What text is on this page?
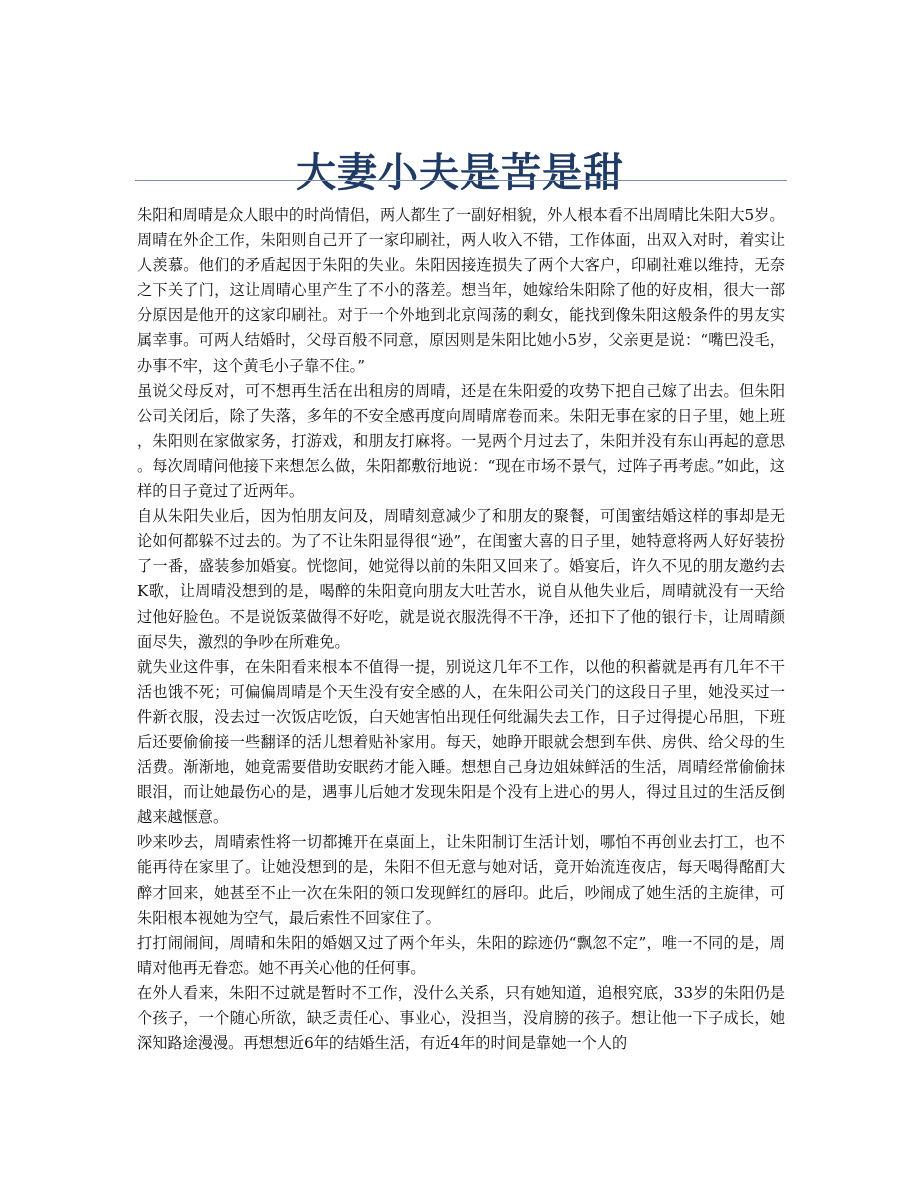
大妻小夫是苦是甜

朱阳和周晴是众人眼中的时尚情侣，两人都生了一副好相貌，外人根本看不出周晴比朱阳大5岁。

周晴在外企工作，朱阳则自己开了一家印刷社，两人收入不错，工作体面，出双入对时，着实让人羡慕。他们的矛盾起因于朱阳的失业。朱阳因接连损失了两个大客户，印刷社难以维持，无奈之下关了门，这让周晴心里产生了不小的落差。想当年，她嫁给朱阳除了他的好皮相，很大一部分原因是他开的这家印刷社。对于一个外地到北京闯荡的剩女，能找到像朱阳这般条件的男友实属幸事。可两人结婚时，父母百般不同意，原因则是朱阳比她小5岁，父亲更是说：“嘴巴没毛，办事不牢，这个黄毛小子靠不住。”

虽说父母反对，可不想再生活在出租房的周晴，还是在朱阳爱的攻势下把自己嫁了出去。但朱阳公司关闭后，除了失落，多年的不安全感再度向周晴席卷而来。朱阳无事在家的日子里，她上班，朱阳则在家做家务，打游戏，和朋友打麻将。一晃两个月过去了，朱阳并没有东山再起的意思。每次周晴问他接下来想怎么做，朱阳都敷衍地说：“现在市场不景气，过阵子再考虑。”如此，这样的日子竟过了近两年。

自从朱阳失业后，因为怕朋友问及，周晴刻意减少了和朋友的聚餐，可闺蜜结婚这样的事却是无论如何都躲不过去的。为了不让朱阳显得很“逊”，在闺蜜大喜的日子里，她特意将两人好好装扮了一番，盛装参加婚宴。恍惚间，她觉得以前的朱阳又回来了。婚宴后，许久不见的朋友邀约去K歌，让周晴没想到的是，喝醉的朱阳竟向朋友大吐苦水，说自从他失业后，周晴就没有一天给过他好脸色。不是说饭菜做得不好吃，就是说衣服洗得不干净，还扣下了他的银行卡，让周晴颜面尽失，激烈的争吵在所难免。

就失业这件事，在朱阳看来根本不值得一提，别说这几年不工作，以他的积蓄就是再有几年不干活也饿不死；可偏偏周晴是个天生没有安全感的人，在朱阳公司关门的这段日子里，她没买过一件新衣服，没去过一次饭店吃饭，白天她害怕出现任何纰漏失去工作，日子过得提心吊胆，下班后还要偷偷接一些翻译的活儿想着贴补家用。每天，她睁开眼就会想到车供、房供、给父母的生活费。渐渐地，她竟需要借助安眠药才能入睡。想想自己身边姐妹鲜活的生活，周晴经常偷偷抹眼泪，而让她最伤心的是，遇事儿后她才发现朱阳是个没有上进心的男人，得过且过的生活反倒越来越惬意。

吵来吵去，周晴索性将一切都摊开在桌面上，让朱阳制订生活计划，哪怕不再创业去打工，也不能再待在家里了。让她没想到的是，朱阳不但无意与她对话，竟开始流连夜店，每天喝得酩酊大醉才回来，她甚至不止一次在朱阳的领口发现鲜红的唇印。此后，吵闹成了她生活的主旋律，可朱阳根本视她为空气，最后索性不回家住了。

打打闹闹间，周晴和朱阳的婚姻又过了两个年头，朱阳的踪迹仍“飘忽不定”，唯一不同的是，周晴对他再无眷恋。她不再关心他的任何事。

在外人看来，朱阳不过就是暂时不工作，没什么关系，只有她知道，追根究底，33岁的朱阳仍是个孩子，一个随心所欲，缺乏责任心、事业心，没担当，没肩膀的孩子。想让他一下子成长，她深知路途漫漫。再想想近6年的结婚生活，有近4年的时间是靠她一个人的
